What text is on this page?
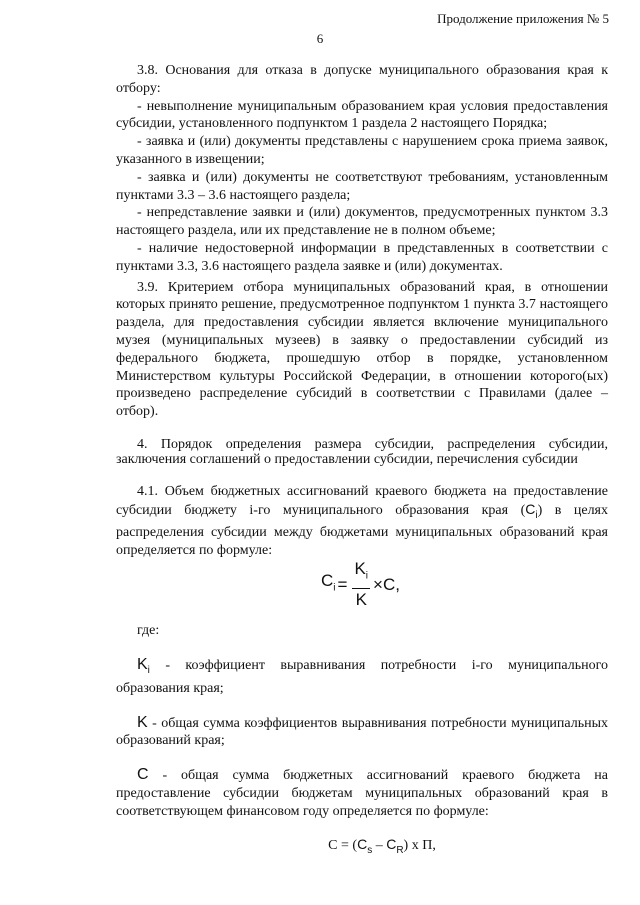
Продолжение приложения № 5
6

3.8. Основания для отказа в допуске муниципального образования края к отбору:

- невыполнение муниципальным образованием края условия предоставления субсидии, установленного подпунктом 1 раздела 2 настоящего Порядка;

- заявка и (или) документы представлены с нарушением срока приема заявок, указанного в извещении;

- заявка и (или) документы не соответствуют требованиям, установленным пунктами 3.3 – 3.6 настоящего раздела;

- непредставление заявки и (или) документов, предусмотренных пунктом 3.3 настоящего раздела, или их представление не в полном объеме;

- наличие недостоверной информации в представленных в соответствии с пунктами 3.3, 3.6 настоящего раздела заявке и (или) документах.

3.9. Критерием отбора муниципальных образований края, в отношении которых принято решение, предусмотренное подпунктом 1 пункта 3.7 настоящего раздела, для предоставления субсидии является включение муниципального музея (муниципальных музеев) в заявку о предоставлении субсидий из федерального бюджета, прошедшую отбор в порядке, установленном Министерством культуры Российской Федерации, в отношении которого(ых) произведено распределение субсидий в соответствии с Правилами (далее – отбор).

4. Порядок определения размера субсидии, распределения субсидии, заключения соглашений о предоставлении субсидии, перечисления субсидии

4.1. Объем бюджетных ассигнований краевого бюджета на предоставление субсидии бюджету i-го муниципального образования края $(C_i)$ в целях распределения субсидии между бюджетами муниципальных образований края определяется по формуле:

$C_i = \frac{K_i}{K} \times C$,

где:

$K_i$ - коэффициент выравнивания потребности i-го муниципального образования края;

K - общая сумма коэффициентов выравнивания потребности муниципальных образований края;

C - общая сумма бюджетных ассигнований краевого бюджета на предоставление субсидии бюджетам муниципальных образований края в соответствующем финансовом году определяется по формуле:

$C = (C_s - C_R)$ х П,
